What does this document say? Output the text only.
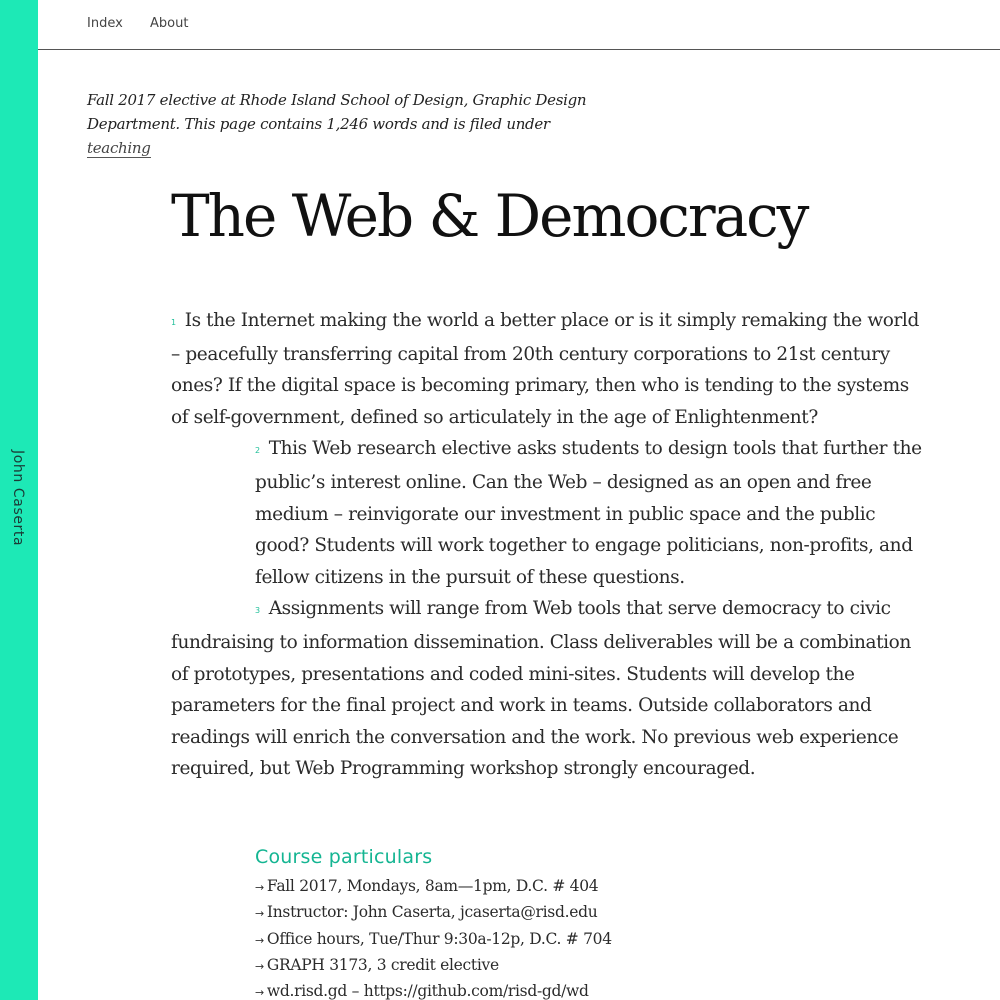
John Caserta
Index About

Fall 2017 elective at Rhode Island School of Design, Graphic Design Department. This page contains 1,246 words and is filed under teaching

The Web & Democracy

1 Is the Internet making the world a better place or is it simply remaking the world – peacefully transferring capital from 20th century corporations to 21st century ones? If the digital space is becoming primary, then who is tending to the systems of self-government, defined so articulately in the age of Enlightenment?

2 This Web research elective asks students to design tools that further the public’s interest online. Can the Web – designed as an open and free medium – reinvigorate our investment in public space and the public good? Students will work together to engage politicians, non-profits, and fellow citizens in the pursuit of these questions.

3 Assignments will range from Web tools that serve democracy to civic fundraising to information dissemination. Class deliverables will be a combination of prototypes, presentations and coded mini-sites. Students will develop the parameters for the final project and work in teams. Outside collaborators and readings will enrich the conversation and the work. No previous web experience required, but Web Programming workshop strongly encouraged.

Course particulars
→ Fall 2017, Mondays, 8am—1pm, D.C. # 404
→ Instructor: John Caserta, jcaserta@risd.edu
→ Office hours, Tue/Thur 9:30a-12p, D.C. # 704
→ GRAPH 3173, 3 credit elective
→ wd.risd.gd – https://github.com/risd-gd/wd
